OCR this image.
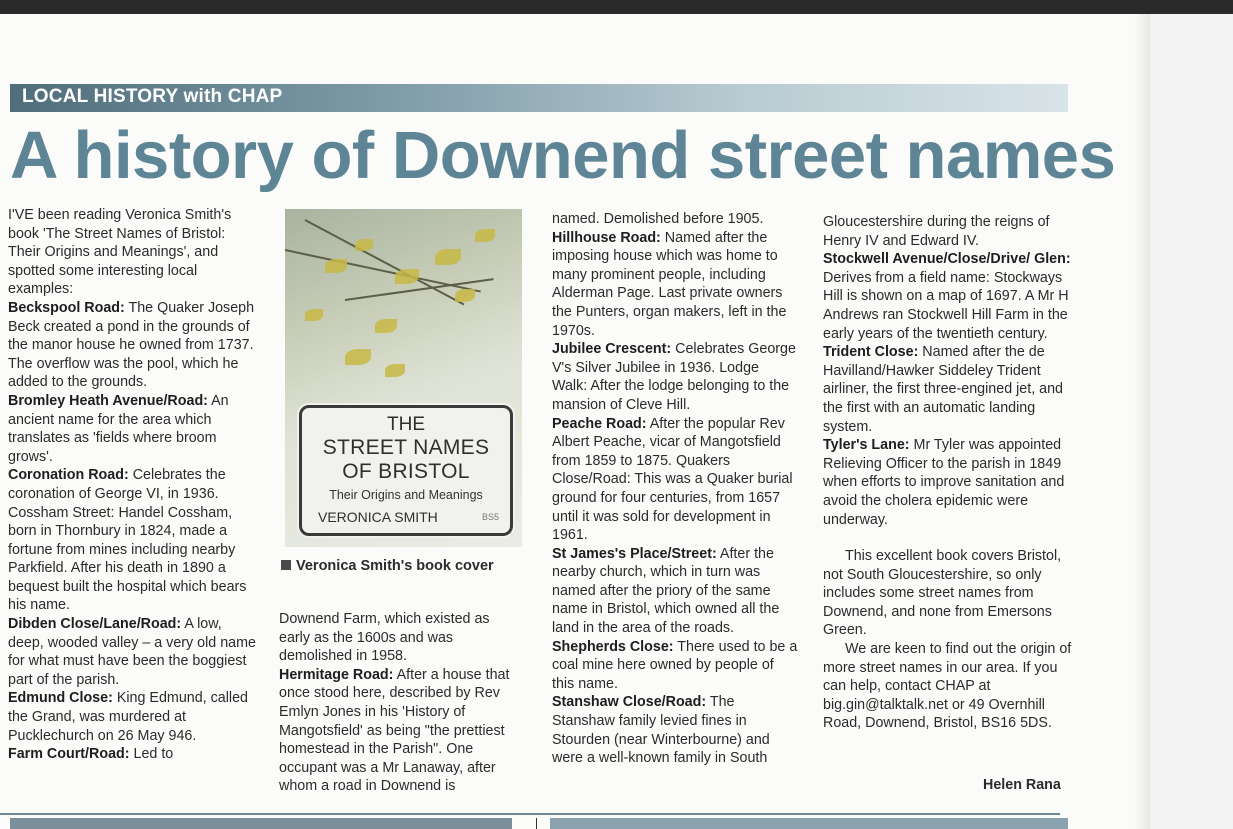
LOCAL HISTORY with CHAP
A history of Downend street names

I'VE been reading Veronica Smith's book 'The Street Names of Bristol: Their Origins and Meanings', and spotted some interesting local examples:

Beckspool Road: The Quaker Joseph Beck created a pond in the grounds of the manor house he owned from 1737. The overflow was the pool, which he added to the grounds.

Bromley Heath Avenue/Road: An ancient name for the area which translates as 'fields where broom grows'.

Coronation Road: Celebrates the coronation of George VI, in 1936. Cossham Street: Handel Cossham, born in Thornbury in 1824, made a fortune from mines including nearby Parkfield. After his death in 1890 a bequest built the hospital which bears his name.

Dibden Close/Lane/Road: A low, deep, wooded valley – a very old name for what must have been the boggiest part of the parish.

Edmund Close: King Edmund, called the Grand, was murdered at Pucklechurch on 26 May 946.

Farm Court/Road: Led to

THE
STREET NAMES
OF BRISTOL
Their Origins and Meanings
VERONICA SMITH	BS5
Veronica Smith's book cover

Downend Farm, which existed as early as the 1600s and was demolished in 1958.

Hermitage Road: After a house that once stood here, described by Rev Emlyn Jones in his 'History of Mangotsfield' as being "the prettiest homestead in the Parish". One occupant was a Mr Lanaway, after whom a road in Downend is

named. Demolished before 1905.

Hillhouse Road: Named after the imposing house which was home to many prominent people, including Alderman Page. Last private owners the Punters, organ makers, left in the 1970s.

Jubilee Crescent: Celebrates George V's Silver Jubilee in 1936. Lodge Walk: After the lodge belonging to the mansion of Cleve Hill.

Peache Road: After the popular Rev Albert Peache, vicar of Mangotsfield from 1859 to 1875. Quakers Close/Road: This was a Quaker burial ground for four centuries, from 1657 until it was sold for development in 1961.

St James's Place/Street: After the nearby church, which in turn was named after the priory of the same name in Bristol, which owned all the land in the area of the roads.

Shepherds Close: There used to be a coal mine here owned by people of this name.

Stanshaw Close/Road: The Stanshaw family levied fines in Stourden (near Winterbourne) and were a well-known family in South

Gloucestershire during the reigns of Henry IV and Edward IV.

Stockwell Avenue/Close/Drive/ Glen: Derives from a field name: Stockways Hill is shown on a map of 1697. A Mr H Andrews ran Stockwell Hill Farm in the early years of the twentieth century.

Trident Close: Named after the de Havilland/Hawker Siddeley Trident airliner, the first three-engined jet, and the first with an automatic landing system.

Tyler's Lane: Mr Tyler was appointed Relieving Officer to the parish in 1849 when efforts to improve sanitation and avoid the cholera epidemic were underway.

This excellent book covers Bristol, not South Gloucestershire, so only includes some street names from Downend, and none from Emersons Green.

We are keen to find out the origin of more street names in our area. If you can help, contact CHAP at big.gin@talktalk.net or 49 Overnhill Road, Downend, Bristol, BS16 5DS.

Helen Rana
